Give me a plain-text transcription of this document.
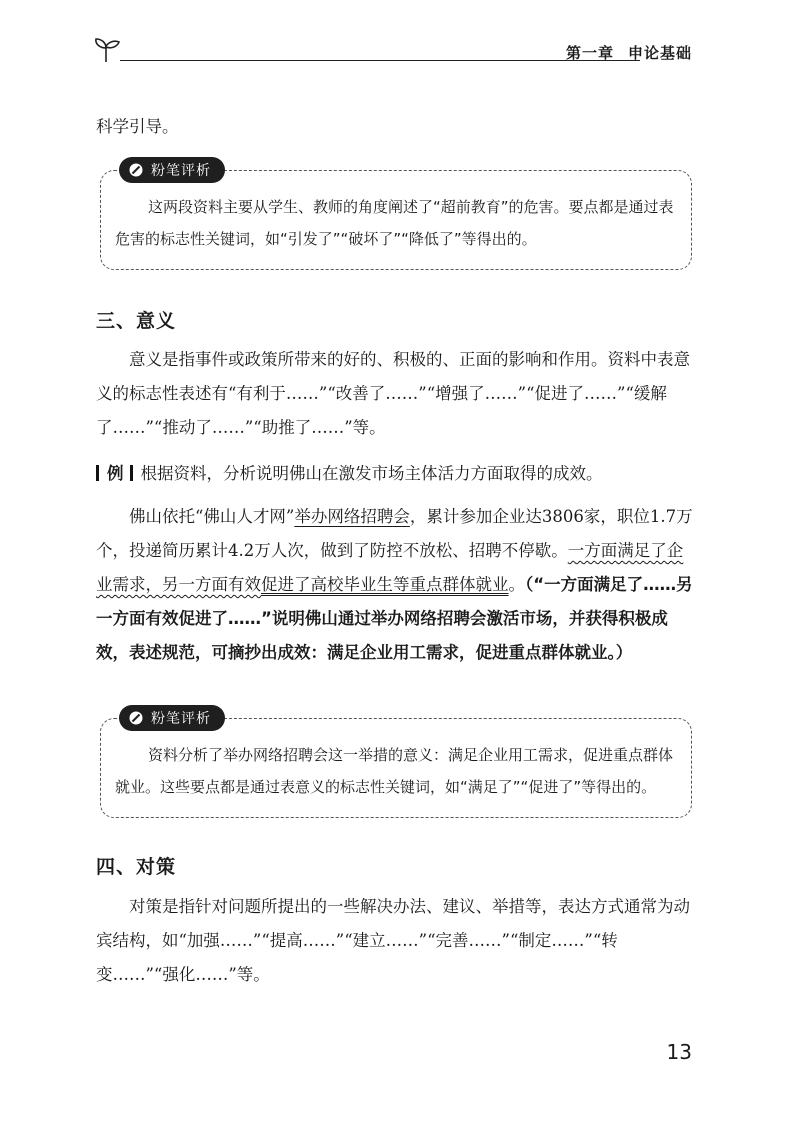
第一章 申论基础

科学引导。

粉笔评析

这两段资料主要从学生、教师的角度阐述了“超前教育”的危害。要点都是通过表危害的标志性关键词，如“引发了”“破坏了”“降低了”等得出的。

三、意义

意义是指事件或政策所带来的好的、积极的、正面的影响和作用。资料中表意义的标志性表述有“有利于……”“改善了……”“增强了……”“促进了……”“缓解了……”“推动了……”“助推了……”等。

例 根据资料，分析说明佛山在激发市场主体活力方面取得的成效。

佛山依托“佛山人才网”举办网络招聘会，累计参加企业达3806家，职位1.7万个，投递简历累计4.2万人次，做到了防控不放松、招聘不停歇。一方面满足了企业需求，另一方面有效促进了高校毕业生等重点群体就业。（“一方面满足了……另一方面有效促进了……”说明佛山通过举办网络招聘会激活市场，并获得积极成效，表述规范，可摘抄出成效：满足企业用工需求，促进重点群体就业。）

粉笔评析

资料分析了举办网络招聘会这一举措的意义：满足企业用工需求，促进重点群体就业。这些要点都是通过表意义的标志性关键词，如“满足了”“促进了”等得出的。

四、对策

对策是指针对问题所提出的一些解决办法、建议、举措等，表达方式通常为动宾结构，如“加强……”“提高……”“建立……”“完善……”“制定……”“转变……”“强化……”等。

13
